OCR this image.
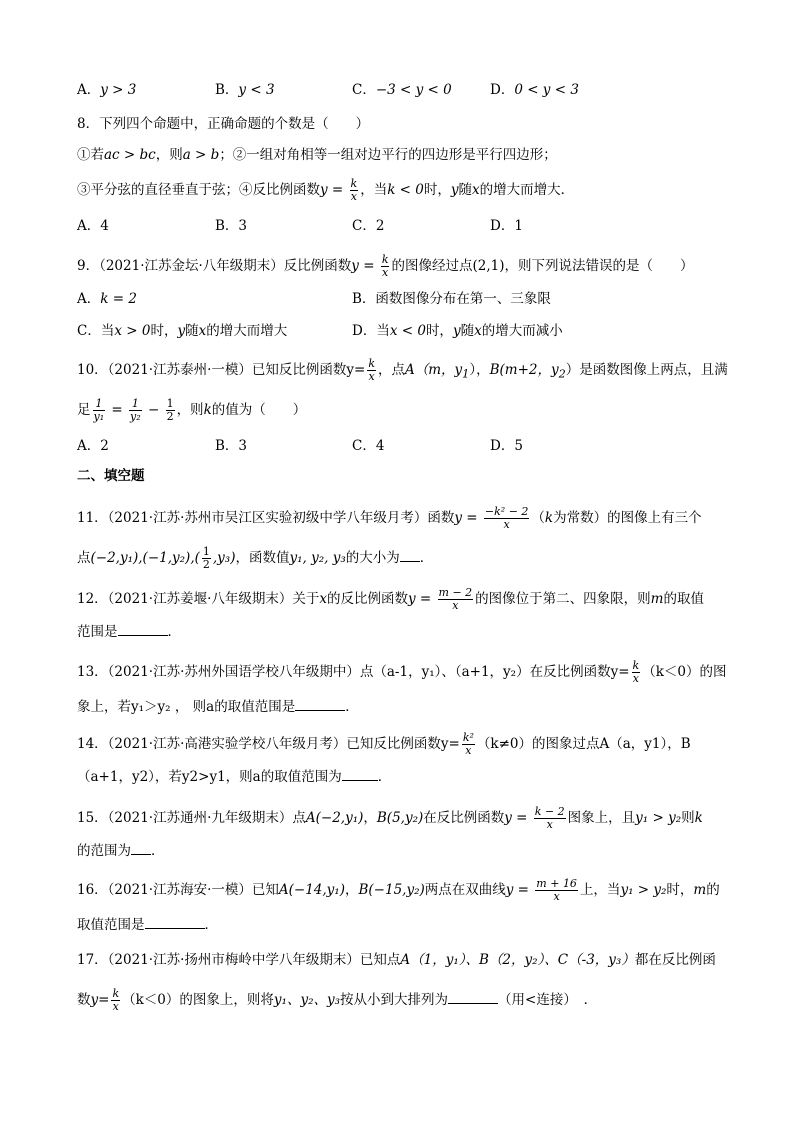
A．y > 3	B．y < 3	C．−3 < y < 0	D．0 < y < 3
8．下列四个命题中，正确命题的个数是（　　）
①若ac > bc，则a > b；②一组对角相等一组对边平行的四边形是平行四边形；
③平分弦的直径垂直于弦；④反比例函数$y = \frac{k}{x}$ ，当k < 0时，y随x的增大而增大．
A．4	B．3	C．2	D．1
9．（2021·江苏金坛·八年级期末）反比例函数$y = \frac{k}{x}$ 的图像经过点(2,1)，则下列说法错误的是（　　）
A．k = 2	B．函数图像分布在第一、三象限
C．当x > 0时，y随x的增大而增大	D．当x < 0时，y随x的增大而减小
10．（2021·江苏泰州·一模）已知反比例函数$y= \frac{k}{x}$ ，点A（m，$y_1$），B(m+2，$y_2$）是函数图像上两点，且满
足 $\frac{1}{\text{y₁}} = \frac{1}{\text{y₂}} - \frac{1}{2}$ ，则k的值为（　　）
A．2	B．3	C．4	D．5
二、填空题
11．（2021·江苏·苏州市吴江区实验初级中学八年级月考）函数$y = \frac{\text{−k² − 2}}{x} (k$为常数）的图像上有三个
点$(-2,y_1),(-1,y_2),( \frac{1}{2} ,y_3)$，函数值y₁, y₂, y₃的大小为 ．
12．（2021·江苏姜堰·八年级期末）关于x的反比例函数$y = \frac{m - 2}{x}$ 的图像位于第二、四象限，则m的取值
范围是	．
13．（2021·江苏·苏州外国语学校八年级期中）点（a-1，y₁）、（a+1，y₂）在反比例函数$y= \frac{k}{x} (k<0)$的图
象上，若y₁＞y₂ ， 则a的取值范围是	．
14．（2021·江苏·高港实验学校八年级月考）已知反比例函数$y= \frac{\text{k²}}{x} (k\ne 0)$的图象过点A（a，y1），B
（a+1，y2），若y2>y1，则a的取值范围为	．
15．（2021·江苏通州·九年级期末）点A(−2,y₁)，B(5,y₂)在反比例函数$y = \frac{k - 2}{x}$ 图象上，且y₁ > y₂则k
的范围为 ．
16．（2021·江苏海安·一模）已知A(−14,y₁)，B(−15,y₂)两点在双曲线$y = \frac{m + 16}{x}$ 上，当y₁ > y₂时，m的
取值范围是	．
17．（2021·江苏·扬州市梅岭中学八年级期末）已知点A（1，y₁）、B（2，y₂）、C（-3，y₃）都在反比例函
数$y= \frac{k}{x} (k<0)$的图象上，则将y₁、y₂、y₃按从小到大排列为	（用<连接）　．
